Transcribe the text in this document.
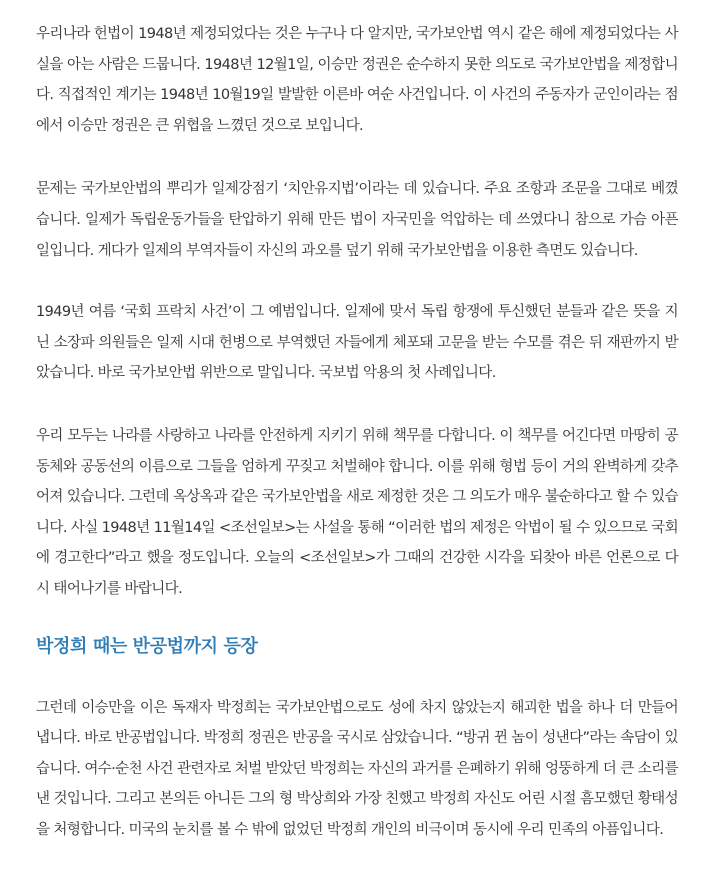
우리나라 헌법이 1948년 제정되었다는 것은 누구나 다 알지만, 국가보안법 역시 같은 해에 제정되었다는 사실을 아는 사람은 드뭅니다. 1948년 12월1일, 이승만 정권은 순수하지 못한 의도로 국가보안법을 제정합니다. 직접적인 계기는 1948년 10월19일 발발한 이른바 여순 사건입니다. 이 사건의 주동자가 군인이라는 점에서 이승만 정권은 큰 위협을 느꼈던 것으로 보입니다.

문제는 국가보안법의 뿌리가 일제강점기 ‘치안유지법’이라는 데 있습니다. 주요 조항과 조문을 그대로 베꼈습니다. 일제가 독립운동가들을 탄압하기 위해 만든 법이 자국민을 억압하는 데 쓰였다니 참으로 가슴 아픈 일입니다. 게다가 일제의 부역자들이 자신의 과오를 덮기 위해 국가보안법을 이용한 측면도 있습니다.

1949년 여름 ‘국회 프락치 사건’이 그 예범입니다. 일제에 맞서 독립 항쟁에 투신했던 분들과 같은 뜻을 지닌 소장파 의원들은 일제 시대 헌병으로 부역했던 자들에게 체포돼 고문을 받는 수모를 겪은 뒤 재판까지 받았습니다. 바로 국가보안법 위반으로 말입니다. 국보법 악용의 첫 사례입니다.

우리 모두는 나라를 사랑하고 나라를 안전하게 지키기 위해 책무를 다합니다. 이 책무를 어긴다면 마땅히 공동체와 공동선의 이름으로 그들을 엄하게 꾸짖고 처벌해야 합니다. 이를 위해 형법 등이 거의 완벽하게 갖추어져 있습니다. 그런데 옥상옥과 같은 국가보안법을 새로 제정한 것은 그 의도가 매우 불순하다고 할 수 있습니다. 사실 1948년 11월14일 <조선일보>는 사설을 통해 “이러한 법의 제정은 악법이 될 수 있으므로 국회에 경고한다”라고 했을 정도입니다. 오늘의 <조선일보>가 그때의 건강한 시각을 되찾아 바른 언론으로 다시 태어나기를 바랍니다.

박정희 때는 반공법까지 등장

그런데 이승만을 이은 독재자 박정희는 국가보안법으로도 성에 차지 않았는지 해괴한 법을 하나 더 만들어냅니다. 바로 반공법입니다. 박정희 정권은 반공을 국시로 삼았습니다. “방귀 뀐 놈이 성낸다”라는 속담이 있습니다. 여수·순천 사건 관련자로 처벌 받았던 박정희는 자신의 과거를 은폐하기 위해 엉뚱하게 더 큰 소리를 낸 것입니다. 그리고 본의든 아니든 그의 형 박상희와 가장 친했고 박정희 자신도 어린 시절 흠모했던 황태성을 처형합니다. 미국의 눈치를 볼 수 밖에 없었던 박정희 개인의 비극이며 동시에 우리 민족의 아픔입니다.
